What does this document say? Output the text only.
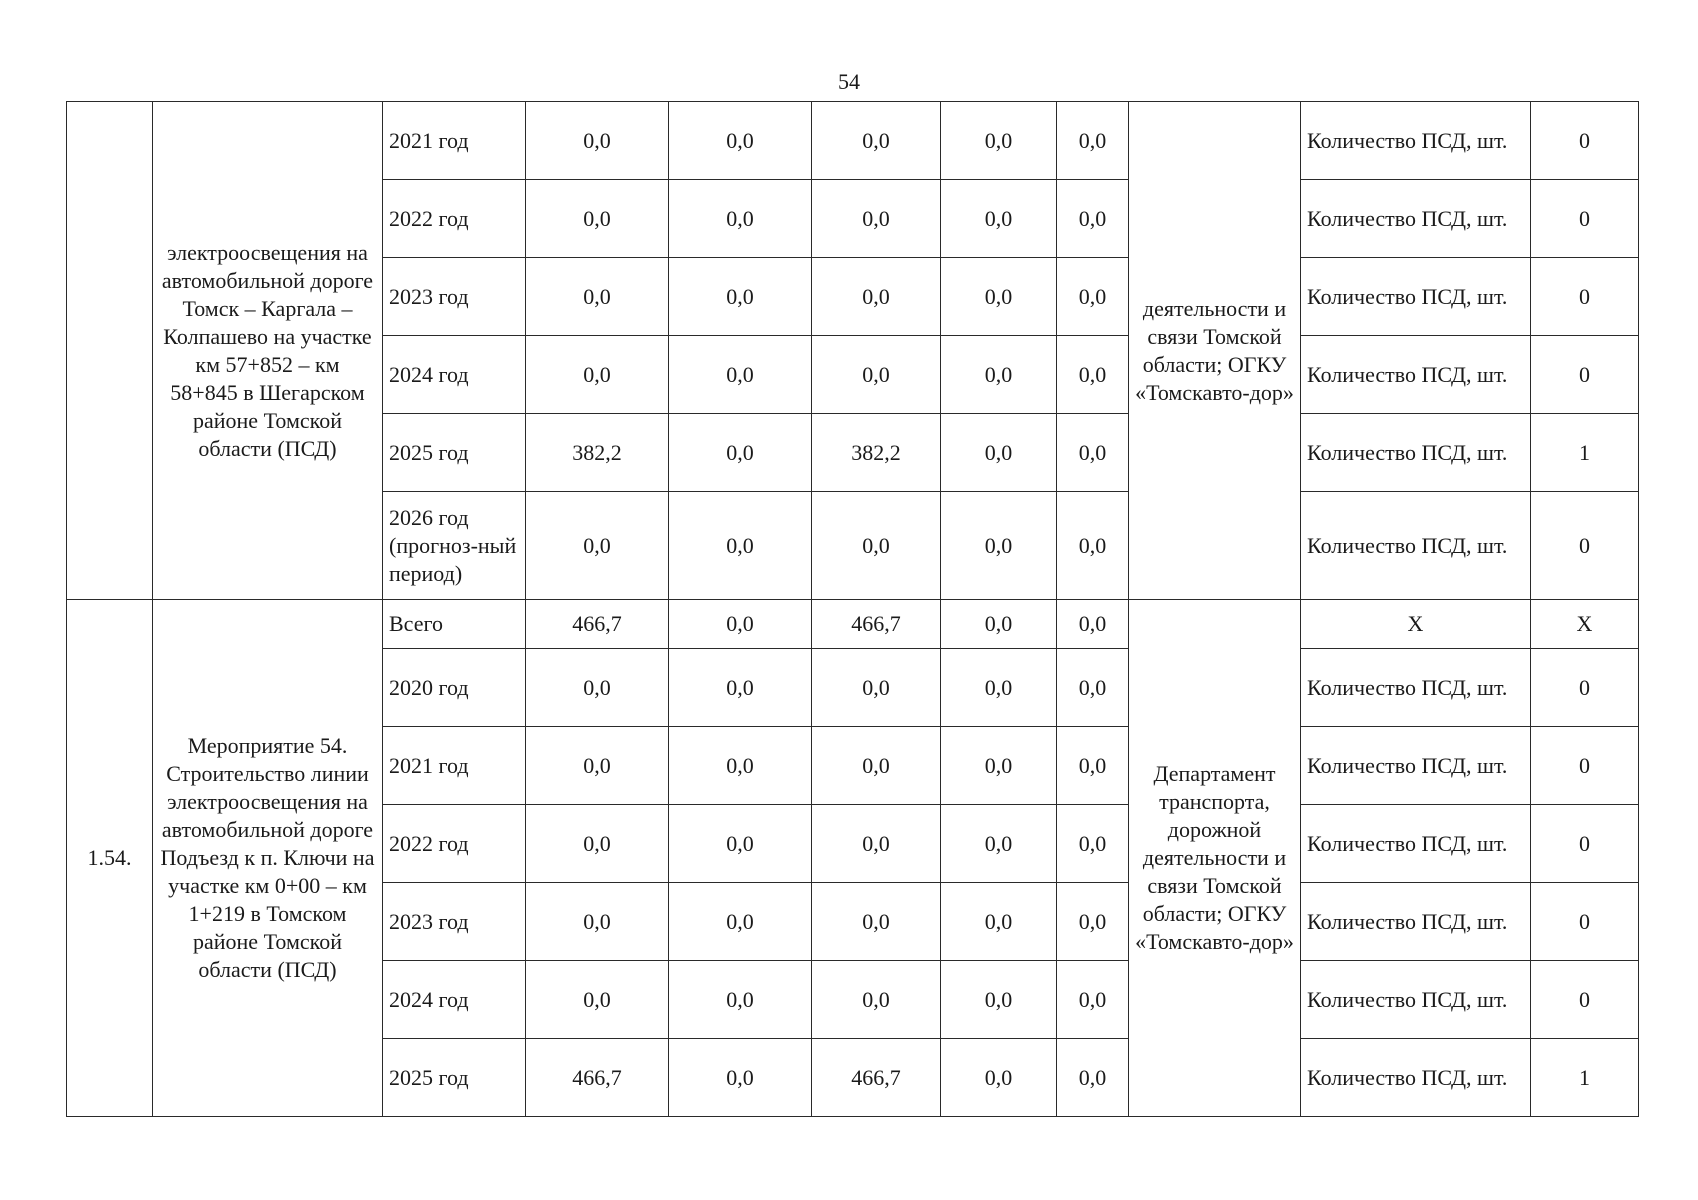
54
	электроосвещения на автомобильной дороге Томск – Каргала – Колпашево на участке км 57+852 – км 58+845 в Шегарском районе Томской области (ПСД)	2021 год	0,0	0,0	0,0	0,0	0,0	деятельности и связи Томской области; ОГКУ «Томскавто-дор»	Количество ПСД, шт.	0
		2022 год	0,0	0,0	0,0	0,0	0,0		Количество ПСД, шт.	0
		2023 год	0,0	0,0	0,0	0,0	0,0		Количество ПСД, шт.	0
		2024 год	0,0	0,0	0,0	0,0	0,0		Количество ПСД, шт.	0
		2025 год	382,2	0,0	382,2	0,0	0,0		Количество ПСД, шт.	1
		2026 год (прогноз-ный период)	0,0	0,0	0,0	0,0	0,0		Количество ПСД, шт.	0
1.54.	Мероприятие 54. Строительство линии электроосвещения на автомобильной дороге Подъезд к п. Ключи на участке км 0+00 – км 1+219 в Томском районе Томской области (ПСД)	Всего	466,7	0,0	466,7	0,0	0,0	Департамент транспорта, дорожной деятельности и связи Томской области; ОГКУ «Томскавто-дор»	Х	Х
		2020 год	0,0	0,0	0,0	0,0	0,0		Количество ПСД, шт.	0
		2021 год	0,0	0,0	0,0	0,0	0,0		Количество ПСД, шт.	0
		2022 год	0,0	0,0	0,0	0,0	0,0		Количество ПСД, шт.	0
		2023 год	0,0	0,0	0,0	0,0	0,0		Количество ПСД, шт.	0
		2024 год	0,0	0,0	0,0	0,0	0,0		Количество ПСД, шт.	0
		2025 год	466,7	0,0	466,7	0,0	0,0		Количество ПСД, шт.	1
